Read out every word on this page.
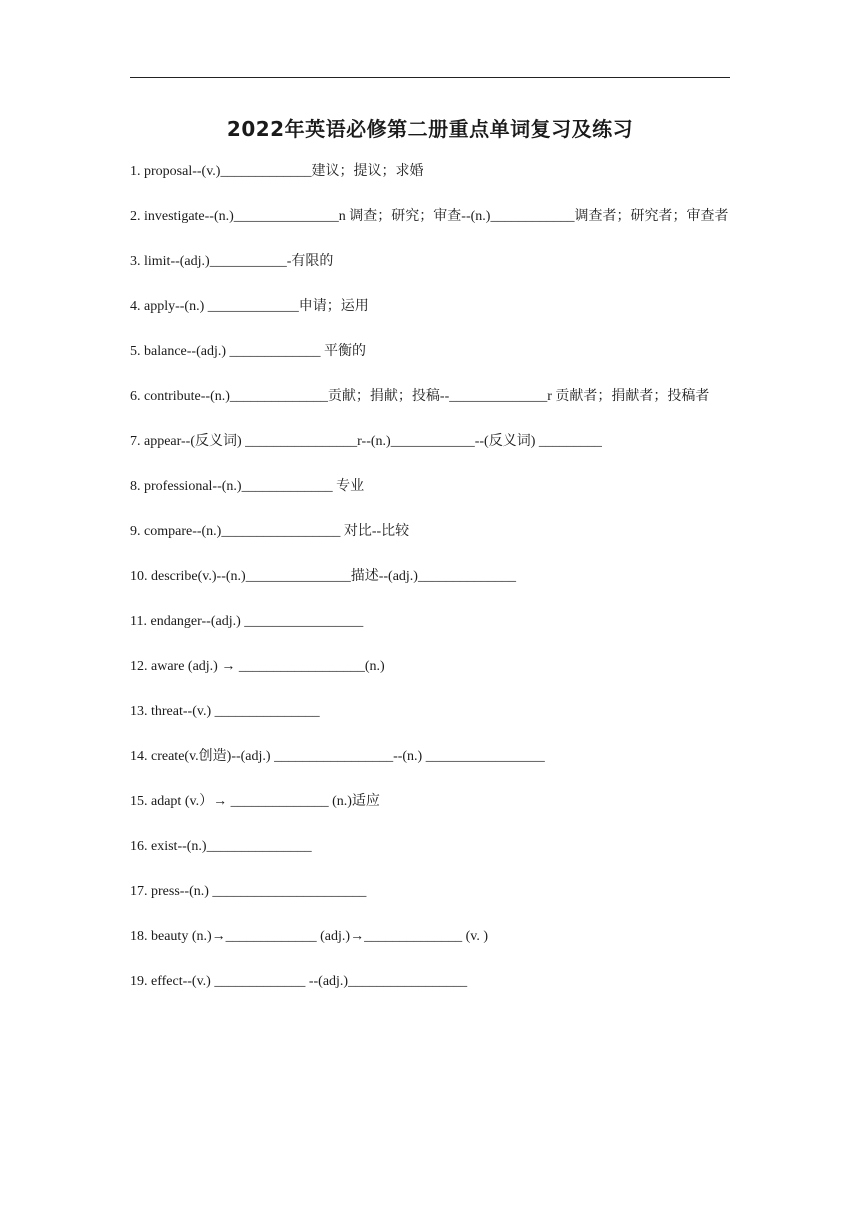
2022年英语必修第二册重点单词复习及练习
1. proposal--(v.)_____________建议；提议；求婚
2. investigate--(n.)_______________n 调查；研究；审查--(n.)____________调查者；研究者；审查者
3. limit--(adj.)___________-有限的
4. apply--(n.) _____________申请；运用
5. balance--(adj.) _____________ 平衡的
6. contribute--(n.)______________贡献；捐献；投稿--______________r 贡献者；捐献者；投稿者
7. appear--(反义词) ________________r--(n.)____________--(反义词) _________
8. professional--(n.)_____________ 专业
9. compare--(n.)_________________ 对比--比较
10. describe(v.)--(n.)_______________描述--(adj.)______________
11. endanger--(adj.) _________________
12. aware (adj.) → __________________(n.)
13. threat--(v.) _______________
14. create(v.创造)--(adj.) _________________--(n.) _________________
15. adapt (v.）→ ______________ (n.)适应
16. exist--(n.)_______________
17. press--(n.) ______________________
18. beauty (n.)→_____________ (adj.)→______________ (v. )
19. effect--(v.) _____________ --(adj.)_________________
